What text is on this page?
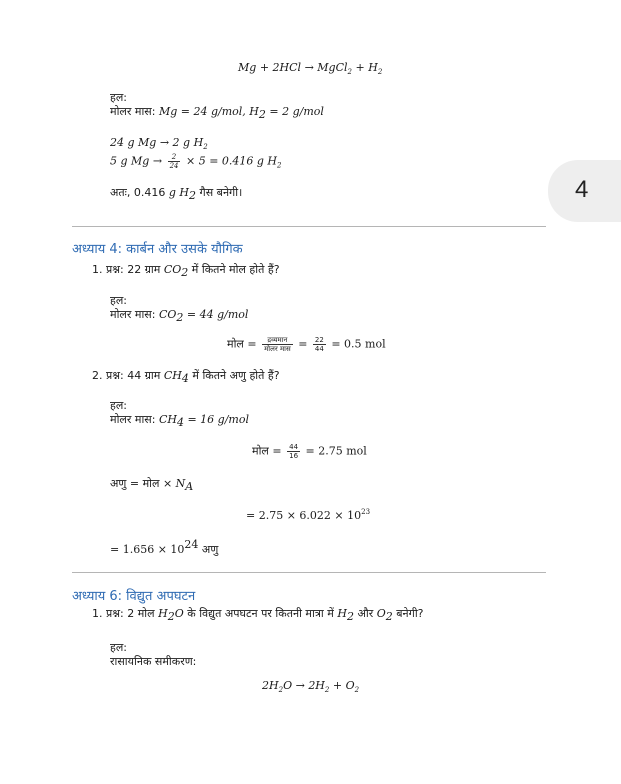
Mg + 2HCl → MgCl$_2$ + $H_2$
हल:
मोलर मास: Mg = 24 g/mol, $H_2 = 2$ g/mol
24 g Mg → 2 g $H_2$
5 g $Mg \to \frac{2}{24} \times 5 = 0.416$ g $H_2$
अतः, 0.416 g $H_2$ गैस बनेगी।	4
अध्याय 4: कार्बन और उसके यौगिक
1. प्रश्न: 22 ग्राम $CO_2$ में कितने मोल होते हैं?
हल:
मोलर मास: $CO_2 = 44$ g/mol
मोल = $\frac{\text{द्रव्यमान}}{\text{मोलर मास}} = \frac{22}{44} = 0.5$ mol
2. प्रश्न: 44 ग्राम $CH_4$ में कितने अणु होते हैं?
हल:
मोलर मास: $CH_4 = 16$ g/mol
मोल = $\frac{44}{16} = 2.75$ mol
अणु = मोल × $N_A$
= $2.75 \times 6.022 \times 10^{23}$
= $1.656 \times 10^{24}$ अणु
अध्याय 6: विद्युत अपघटन
1. प्रश्न: 2 मोल $H_2O$ के विद्युत अपघटन पर कितनी मात्रा में $H_2$ और $O_2$ बनेगी?
हल:
रासायनिक समीकरण:
$2H_2O \to 2H_2 + O_2$
